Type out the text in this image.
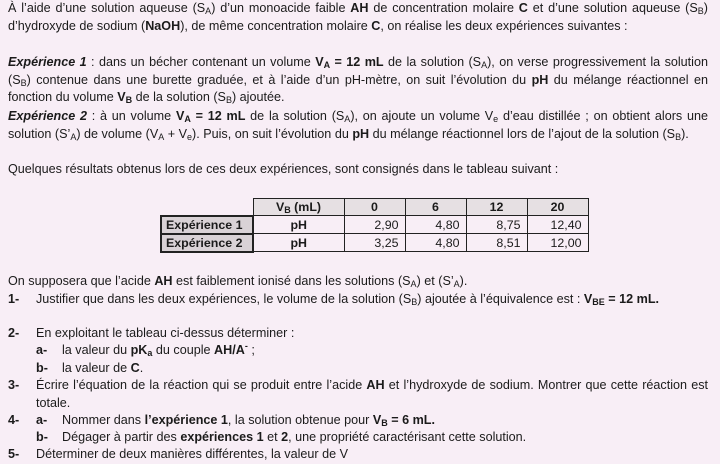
À l’aide d’une solution aqueuse $(S_A)$ d’un monoacide faible AH de concentration molaire C et d’une solution aqueuse $(S_B)$ d’hydroxyde de sodium (NaOH), de même concentration molaire C, on réalise les deux expériences suivantes :

Expérience 1 : dans un bécher contenant un volume $V_A = 12$ mL de la solution $(S_A)$, on verse progressivement la solution $(S_B)$ contenue dans une burette graduée, et à l’aide d’un pH-mètre, on suit l’évolution du pH du mélange réactionnel en fonction du volume $V_B$ de la solution $(S_B)$ ajoutée.

Expérience 2 : à un volume $V_A = 12$ mL de la solution $(S_A)$, on ajoute un volume $V_e$ d’eau distillée ; on obtient alors une solution $(S’_A)$ de volume $(V_A + V_e)$. Puis, on suit l’évolution du pH du mélange réactionnel lors de l’ajout de la solution $(S_B)$.

Quelques résultats obtenus lors de ces deux expériences, sont consignés dans le tableau suivant :

	$V_B$ (mL)	0	6	12	20
Expérience 1	pH	2,90	4,80	8,75	12,40
Expérience 2	pH	3,25	4,80	8,51	12,00

On supposera que l’acide AH est faiblement ionisé dans les solutions $(S_A)$ et $(S’_A)$.

1- Justifier que dans les deux expériences, le volume de la solution $(S_B)$ ajoutée à l’équivalence est : $V_{BE} = 12$ mL.
2- En exploitant le tableau ci-dessus déterminer :
a- la valeur du $pK_a$ du couple AH/A- ;
b- la valeur de C.
3- Écrire l’équation de la réaction qui se produit entre l’acide AH et l’hydroxyde de sodium. Montrer que cette réaction est totale.
4- a- Nommer dans l’expérience 1, la solution obtenue pour $V_B = 6$ mL.
b- Dégager à partir des expériences 1 et 2, une propriété caractérisant cette solution.
5- Déterminer de deux manières différentes, la valeur de V
